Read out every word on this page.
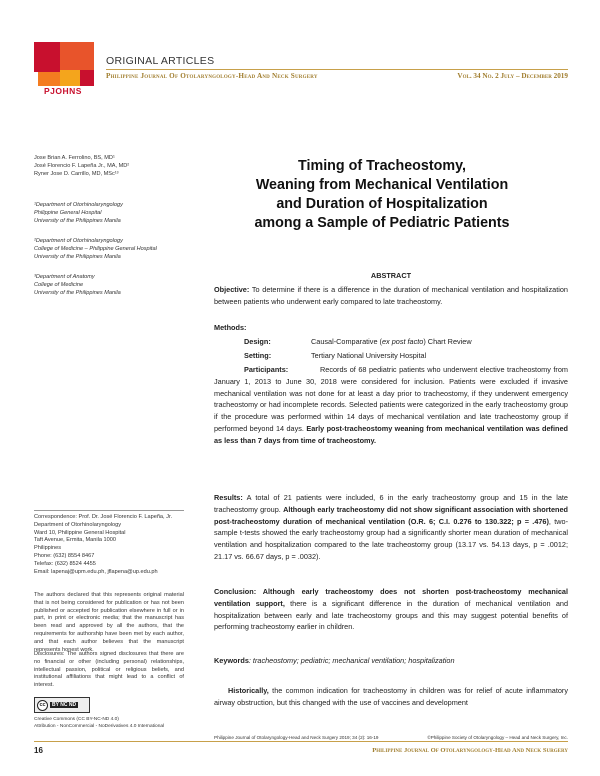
PJOHNS
ORIGINAL ARTICLES
Philippine Journal Of Otolaryngology-Head And Neck Surgery	Vol. 34 No. 2 July – December 2019
Jose Brian A. Ferrolino, BS, MD¹
José Florencio F. Lapeña Jr., MA, MD²
Ryner Jose D. Carrillo, MD, MSc¹³
¹Department of Otorhinolaryngology
Philippine General Hospital
University of the Philippines Manila
²Department of Otorhinolaryngology
College of Medicine – Philippine General Hospital
University of the Philippines Manila
³Department of Anatomy
College of Medicine
University of the Philippines Manila
Correspondence: Prof. Dr. José Florencio F. Lapeña, Jr.
Department of Otorhinolaryngology
Ward 10, Philippine General Hospital
Taft Avenue, Ermita, Manila 1000
Philippines
Phone: (632) 8554 8467
Telefax: (632) 8524 4455
Email: lapenaj@upm.edu.ph, jflapena@up.edu.ph
The authors declared that this represents original material that is not being considered for publication or has not been published or accepted for publication elsewhere in full or in part, in print or electronic media; that the manuscript has been read and approved by all the authors, that the requirements for authorship have been met by each author, and that each author believes that the manuscript represents honest work.
Disclosures: The authors signed disclosures that there are no financial or other (including personal) relationships, intellectual passion, political or religious beliefs, and institutional affiliations that might lead to a conflict of interest.
cc	BY NC ND
Creative Commons (CC BY-NC-ND 4.0)
Attribution - NonCommercial - NoDerivatives 4.0 International
Timing of Tracheostomy,
Weaning from Mechanical Ventilation
and Duration of Hospitalization
among a Sample of Pediatric Patients
ABSTRACT
Objective: To determine if there is a difference in the duration of mechanical ventilation and hospitalization between patients who underwent early compared to late tracheostomy.
Methods:
Design:	Causal-Comparative (ex post facto) Chart Review
Setting:	Tertiary National University Hospital
Participants:	Records of 68 pediatric patients who underwent elective tracheostomy from January 1, 2013 to June 30, 2018 were considered for inclusion. Patients were excluded if invasive mechanical ventilation was not done for at least a day prior to tracheostomy, if they underwent emergency tracheostomy or had incomplete records. Selected patients were categorized in the early tracheostomy group if the procedure was performed within 14 days of mechanical ventilation and late tracheostomy group if performed beyond 14 days. Early post-tracheostomy weaning from mechanical ventilation was defined as less than 7 days from time of tracheostomy.
Results: A total of 21 patients were included, 6 in the early tracheostomy group and 15 in the late tracheostomy group. Although early tracheostomy did not show significant association with shortened post-tracheostomy duration of mechanical ventilation (O.R. 6; C.I. 0.276 to 130.322; p = .476), two-sample t-tests showed the early tracheostomy group had a significantly shorter mean duration of mechanical ventilation and hospitalization compared to the late tracheostomy group (13.17 vs. 54.13 days, p = .0012; 21.17 vs. 66.67 days, p = .0032).
Conclusion: Although early tracheostomy does not shorten post-tracheostomy mechanical ventilation support, there is a significant difference in the duration of mechanical ventilation and hospitalization between early and late tracheostomy groups and this may suggest potential benefits of performing tracheostomy earlier in children.
Keywords: tracheostomy; pediatric; mechanical ventilation; hospitalization
Historically, the common indication for tracheostomy in children was for relief of acute inflammatory airway obstruction, but this changed with the use of vaccines and development
Philippine Journal of Otolaryngology-Head and Neck Surgery 2019; 34 (2): 16-19	©Philippine Society of Otolaryngology – Head and Neck Surgery, Inc.
16	Philippine Journal Of Otolaryngology-Head And Neck Surgery
